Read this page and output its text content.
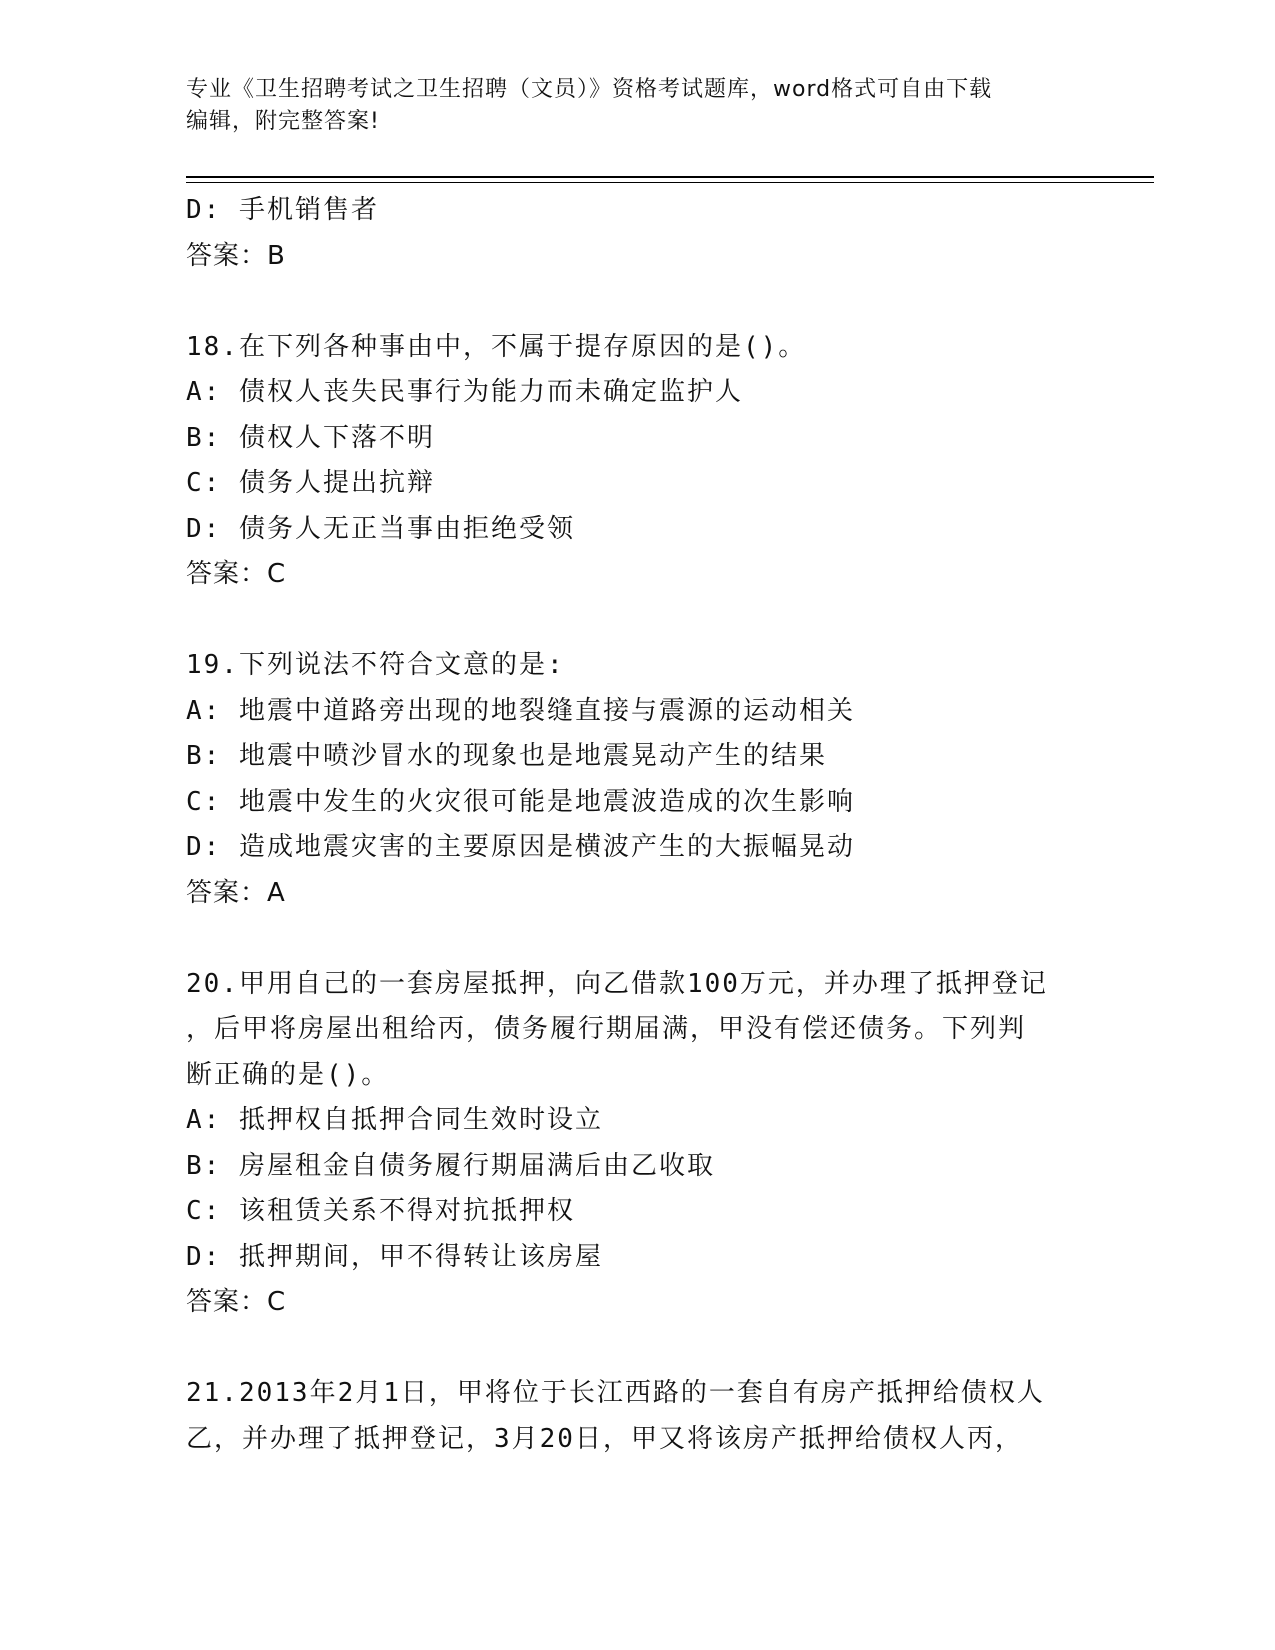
专业《卫生招聘考试之卫生招聘（文员）》资格考试题库，word格式可自由下载
编辑，附完整答案!
D: 手机销售者
答案：B
18.在下列各种事由中，不属于提存原因的是()。
A: 债权人丧失民事行为能力而未确定监护人
B: 债权人下落不明
C: 债务人提出抗辩
D: 债务人无正当事由拒绝受领
答案：C
19.下列说法不符合文意的是:
A: 地震中道路旁出现的地裂缝直接与震源的运动相关
B: 地震中喷沙冒水的现象也是地震晃动产生的结果
C: 地震中发生的火灾很可能是地震波造成的次生影响
D: 造成地震灾害的主要原因是横波产生的大振幅晃动
答案：A
20.甲用自己的一套房屋抵押，向乙借款100万元，并办理了抵押登记
，后甲将房屋出租给丙，债务履行期届满，甲没有偿还债务。下列判
断正确的是()。
A: 抵押权自抵押合同生效时设立
B: 房屋租金自债务履行期届满后由乙收取
C: 该租赁关系不得对抗抵押权
D: 抵押期间，甲不得转让该房屋
答案：C
21.2013年2月1日，甲将位于长江西路的一套自有房产抵押给债权人
乙，并办理了抵押登记，3月20日，甲又将该房产抵押给债权人丙，
